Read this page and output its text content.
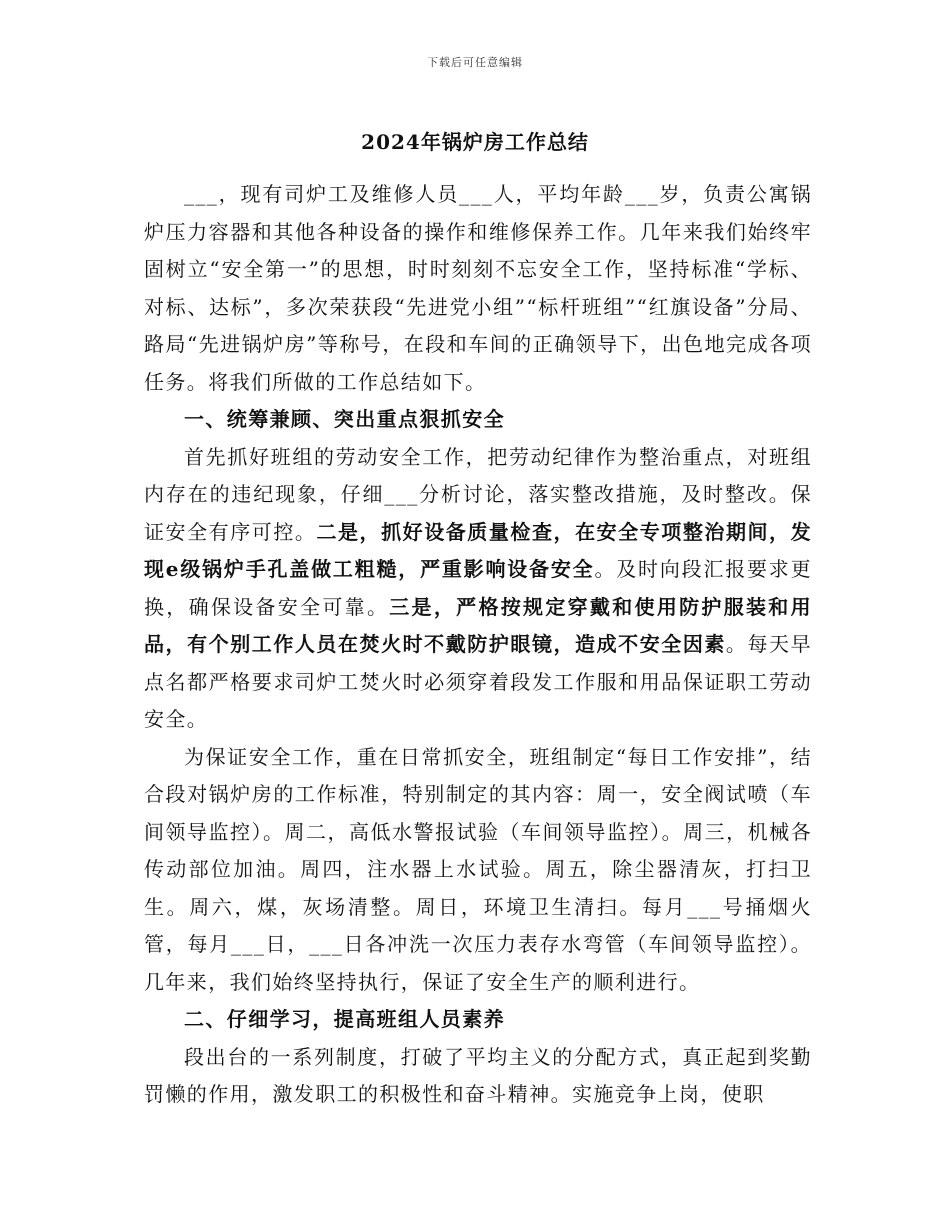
下载后可任意编辑
2024年锅炉房工作总结

___，现有司炉工及维修人员___人，平均年龄___岁，负责公寓锅炉压力容器和其他各种设备的操作和维修保养工作。几年来我们始终牢固树立“安全第一”的思想，时时刻刻不忘安全工作，坚持标准“学标、对标、达标”，多次荣获段“先进党小组”“标杆班组”“红旗设备”分局、路局“先进锅炉房”等称号，在段和车间的正确领导下，出色地完成各项任务。将我们所做的工作总结如下。

一、统筹兼顾、突出重点狠抓安全

首先抓好班组的劳动安全工作，把劳动纪律作为整治重点，对班组内存在的违纪现象，仔细___分析讨论，落实整改措施，及时整改。保证安全有序可控。二是，抓好设备质量检查，在安全专项整治期间，发现e级锅炉手孔盖做工粗糙，严重影响设备安全。及时向段汇报要求更换，确保设备安全可靠。三是，严格按规定穿戴和使用防护服装和用品，有个别工作人员在焚火时不戴防护眼镜，造成不安全因素。每天早点名都严格要求司炉工焚火时必须穿着段发工作服和用品保证职工劳动安全。

为保证安全工作，重在日常抓安全，班组制定“每日工作安排”，结合段对锅炉房的工作标准，特别制定的其内容：周一，安全阀试喷（车间领导监控）。周二，高低水警报试验（车间领导监控）。周三，机械各传动部位加油。周四，注水器上水试验。周五，除尘器清灰，打扫卫生。周六，煤，灰场清整。周日，环境卫生清扫。每月___号捅烟火管，每月___日，___日各冲洗一次压力表存水弯管（车间领导监控）。几年来，我们始终坚持执行，保证了安全生产的顺利进行。

二、仔细学习，提高班组人员素养

段出台的一系列制度，打破了平均主义的分配方式，真正起到奖勤罚懒的作用，激发职工的积极性和奋斗精神。实施竞争上岗，使职
